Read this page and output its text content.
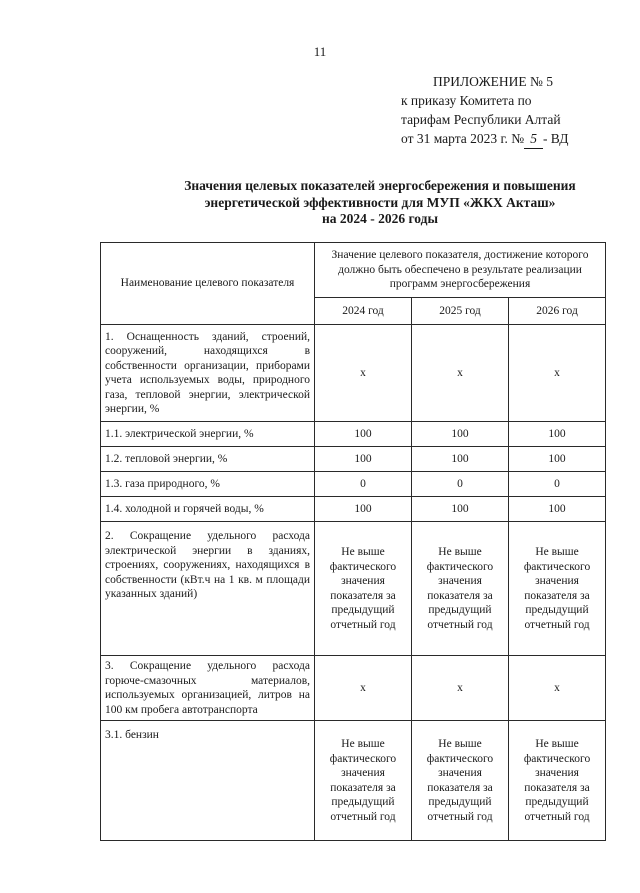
11
ПРИЛОЖЕНИЕ № 5
к приказу Комитета по
тарифам Республики Алтай
от 31 марта 2023 г. № 5 - ВД
Значения целевых показателей энергосбережения и повышения
энергетической эффективности для МУП «ЖКХ Акташ»
на 2024 - 2026 годы
Наименование целевого показателя	Значение целевого показателя, достижение которого должно быть обеспечено в результате реализации программ энергосбережения		
	2024 год	2025 год	2026 год
1. Оснащенность зданий, строений, сооружений, находящихся в собственности организации, приборами учета используемых воды, природного газа, тепловой энергии, электрической энергии, %	x	x	x
1.1. электрической энергии, %	100	100	100
1.2. тепловой энергии, %	100	100	100
1.3. газа природного, %	0	0	0
1.4. холодной и горячей воды, %	100	100	100
2. Сокращение удельного расхода электрической энергии в зданиях, строениях, сооружениях, находящихся в собственности (кВт.ч на 1 кв. м площади указанных зданий)	Не выше фактического значения показателя за предыдущий отчетный год	Не выше фактического значения показателя за предыдущий отчетный год	Не выше фактического значения показателя за предыдущий отчетный год
3. Сокращение удельного расхода горюче-смазочных материалов, используемых организацией, литров на 100 км пробега автотранспорта	x	x	x
3.1. бензин	Не выше фактического значения показателя за предыдущий отчетный год	Не выше фактического значения показателя за предыдущий отчетный год	Не выше фактического значения показателя за предыдущий отчетный год
